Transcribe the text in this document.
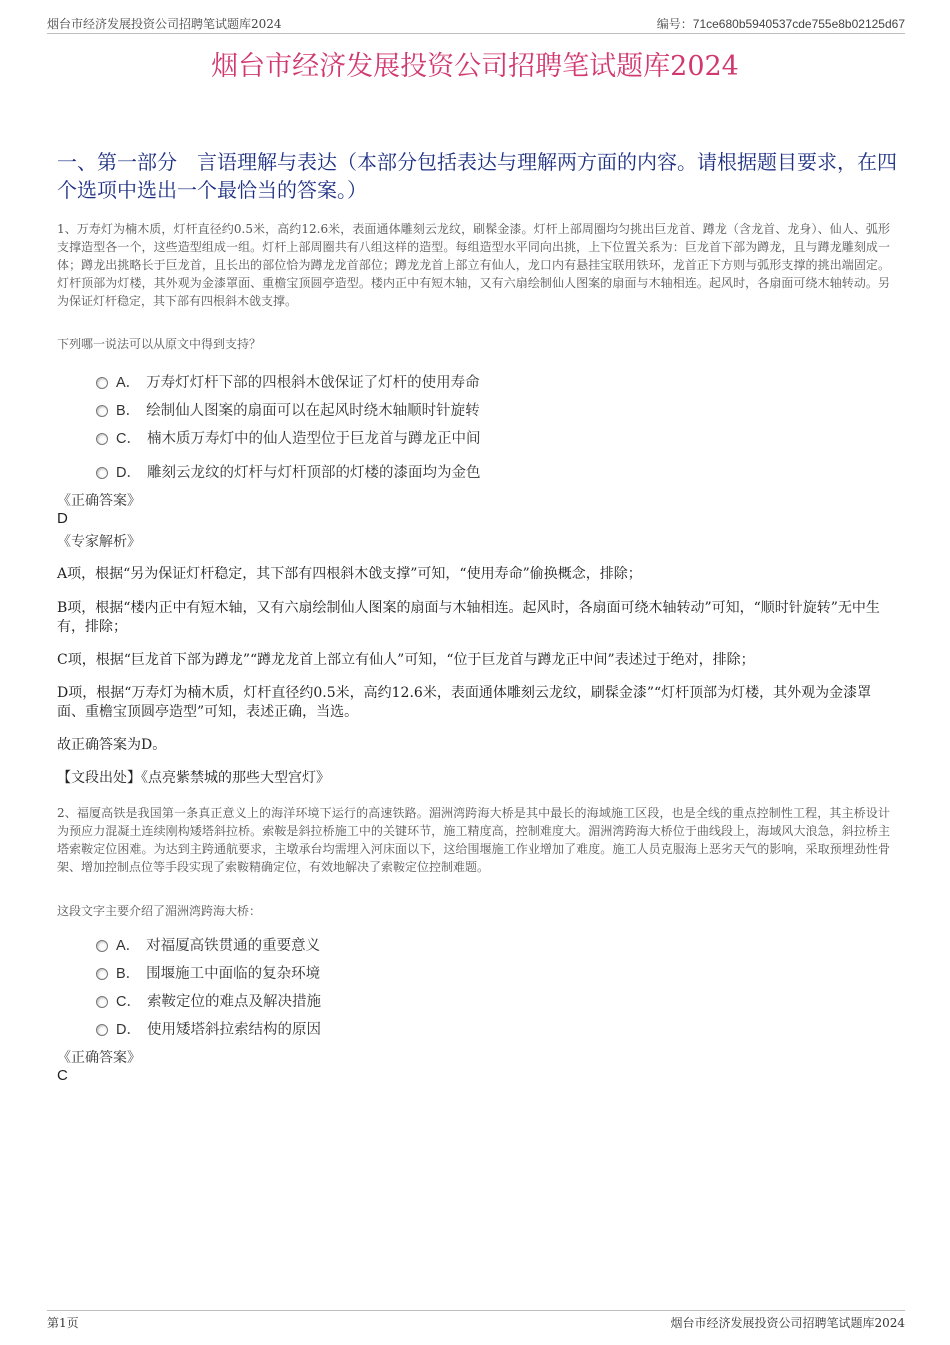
烟台市经济发展投资公司招聘笔试题库2024	编号：71ce680b5940537cde755e8b02125d67
烟台市经济发展投资公司招聘笔试题库2024
一、第一部分　言语理解与表达（本部分包括表达与理解两方面的内容。请根据题目要求，在四个选项中选出一个最恰当的答案。）
1、万寿灯为楠木质，灯杆直径约0.5米，高约12.6米，表面通体雕刻云龙纹，刷髹金漆。灯杆上部周圈均匀挑出巨龙首、蹲龙（含龙首、龙身）、仙人、弧形支撑造型各一个，这些造型组成一组。灯杆上部周圈共有八组这样的造型。每组造型水平同向出挑，上下位置关系为：巨龙首下部为蹲龙，且与蹲龙雕刻成一体；蹲龙出挑略长于巨龙首，且长出的部位恰为蹲龙龙首部位；蹲龙龙首上部立有仙人，龙口内有悬挂宝联用铁环，龙首正下方则与弧形支撑的挑出端固定。灯杆顶部为灯楼，其外观为金漆罩面、重檐宝顶圆亭造型。楼内正中有短木轴，又有六扇绘制仙人图案的扇面与木轴相连。起风时，各扇面可绕木轴转动。另为保证灯杆稳定，其下部有四根斜木戗支撑。
下列哪一说法可以从原文中得到支持？
A． 万寿灯灯杆下部的四根斜木戗保证了灯杆的使用寿命
B． 绘制仙人图案的扇面可以在起风时绕木轴顺时针旋转
C． 楠木质万寿灯中的仙人造型位于巨龙首与蹲龙正中间
D． 雕刻云龙纹的灯杆与灯杆顶部的灯楼的漆面均为金色
《正确答案》
D
《专家解析》
A项，根据“另为保证灯杆稳定，其下部有四根斜木戗支撑”可知，“使用寿命”偷换概念，排除；
B项，根据“楼内正中有短木轴，又有六扇绘制仙人图案的扇面与木轴相连。起风时，各扇面可绕木轴转动”可知，“顺时针旋转”无中生有，排除；
C项，根据“巨龙首下部为蹲龙”“蹲龙龙首上部立有仙人”可知，“位于巨龙首与蹲龙正中间”表述过于绝对，排除；
D项，根据“万寿灯为楠木质，灯杆直径约0.5米，高约12.6米，表面通体雕刻云龙纹，刷髹金漆”“灯杆顶部为灯楼，其外观为金漆罩面、重檐宝顶圆亭造型”可知，表述正确，当选。
故正确答案为D。
【文段出处】《点亮紫禁城的那些大型宫灯》
2、福厦高铁是我国第一条真正意义上的海洋环境下运行的高速铁路。湄洲湾跨海大桥是其中最长的海域施工区段，也是全线的重点控制性工程，其主桥设计为预应力混凝土连续刚构矮塔斜拉桥。索鞍是斜拉桥施工中的关键环节，施工精度高，控制难度大。湄洲湾跨海大桥位于曲线段上，海域风大浪急，斜拉桥主塔索鞍定位困难。为达到主跨通航要求，主墩承台均需埋入河床面以下，这给围堰施工作业增加了难度。施工人员克服海上恶劣天气的影响，采取预埋劲性骨架、增加控制点位等手段实现了索鞍精确定位，有效地解决了索鞍定位控制难题。
这段文字主要介绍了湄洲湾跨海大桥：
A． 对福厦高铁贯通的重要意义
B． 围堰施工中面临的复杂环境
C． 索鞍定位的难点及解决措施
D． 使用矮塔斜拉索结构的原因
《正确答案》
C
第1页	烟台市经济发展投资公司招聘笔试题库2024
